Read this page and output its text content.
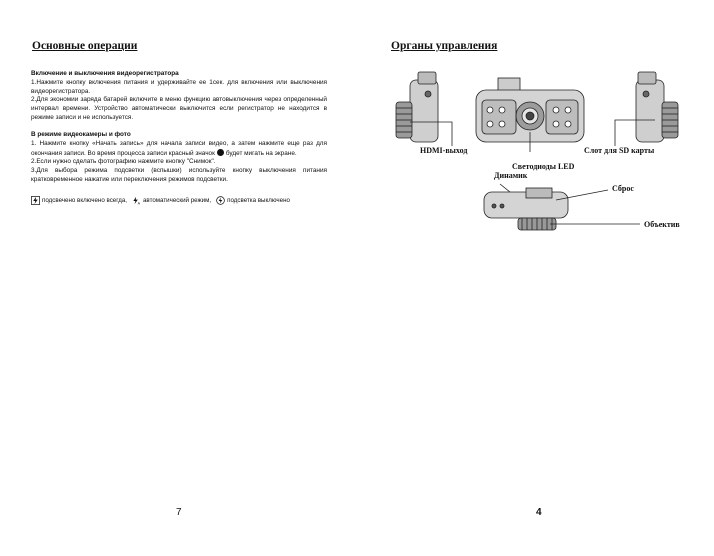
Основные операции

Включение и выключения видеорегистратора

1.Нажмите кнопку включения питания и удерживайте ее 1сек. для включения или выключения видеорегистратора.

2.Для экономии заряда батарей включите в меню функцию автовыключения через определенный интервал времени. Устройство автоматически выключится если регистратор не находится в режиме записи и не используется.

В режиме видеокамеры и фото

1. Нажмите кнопку «Начать запись» для начала записи видео, а затем нажмите еще раз для окончания записи. Во время процесса записи красный значок будет мигать на экране.

2.Если нужно сделать фотографию нажмите кнопку "Снимок".

3.Для выбора режима подсветки (вспышки) используйте кнопку выключения питания кратковременное нажатие или переключения режимов подсветки.

подсвечено включено всегда,	A автоматический режим,	подсветка выключено
7
Органы управления
HDMI-выход	Слот для SD карты
Светодиоды LED
Динамик
Сброс
Объектив
4
